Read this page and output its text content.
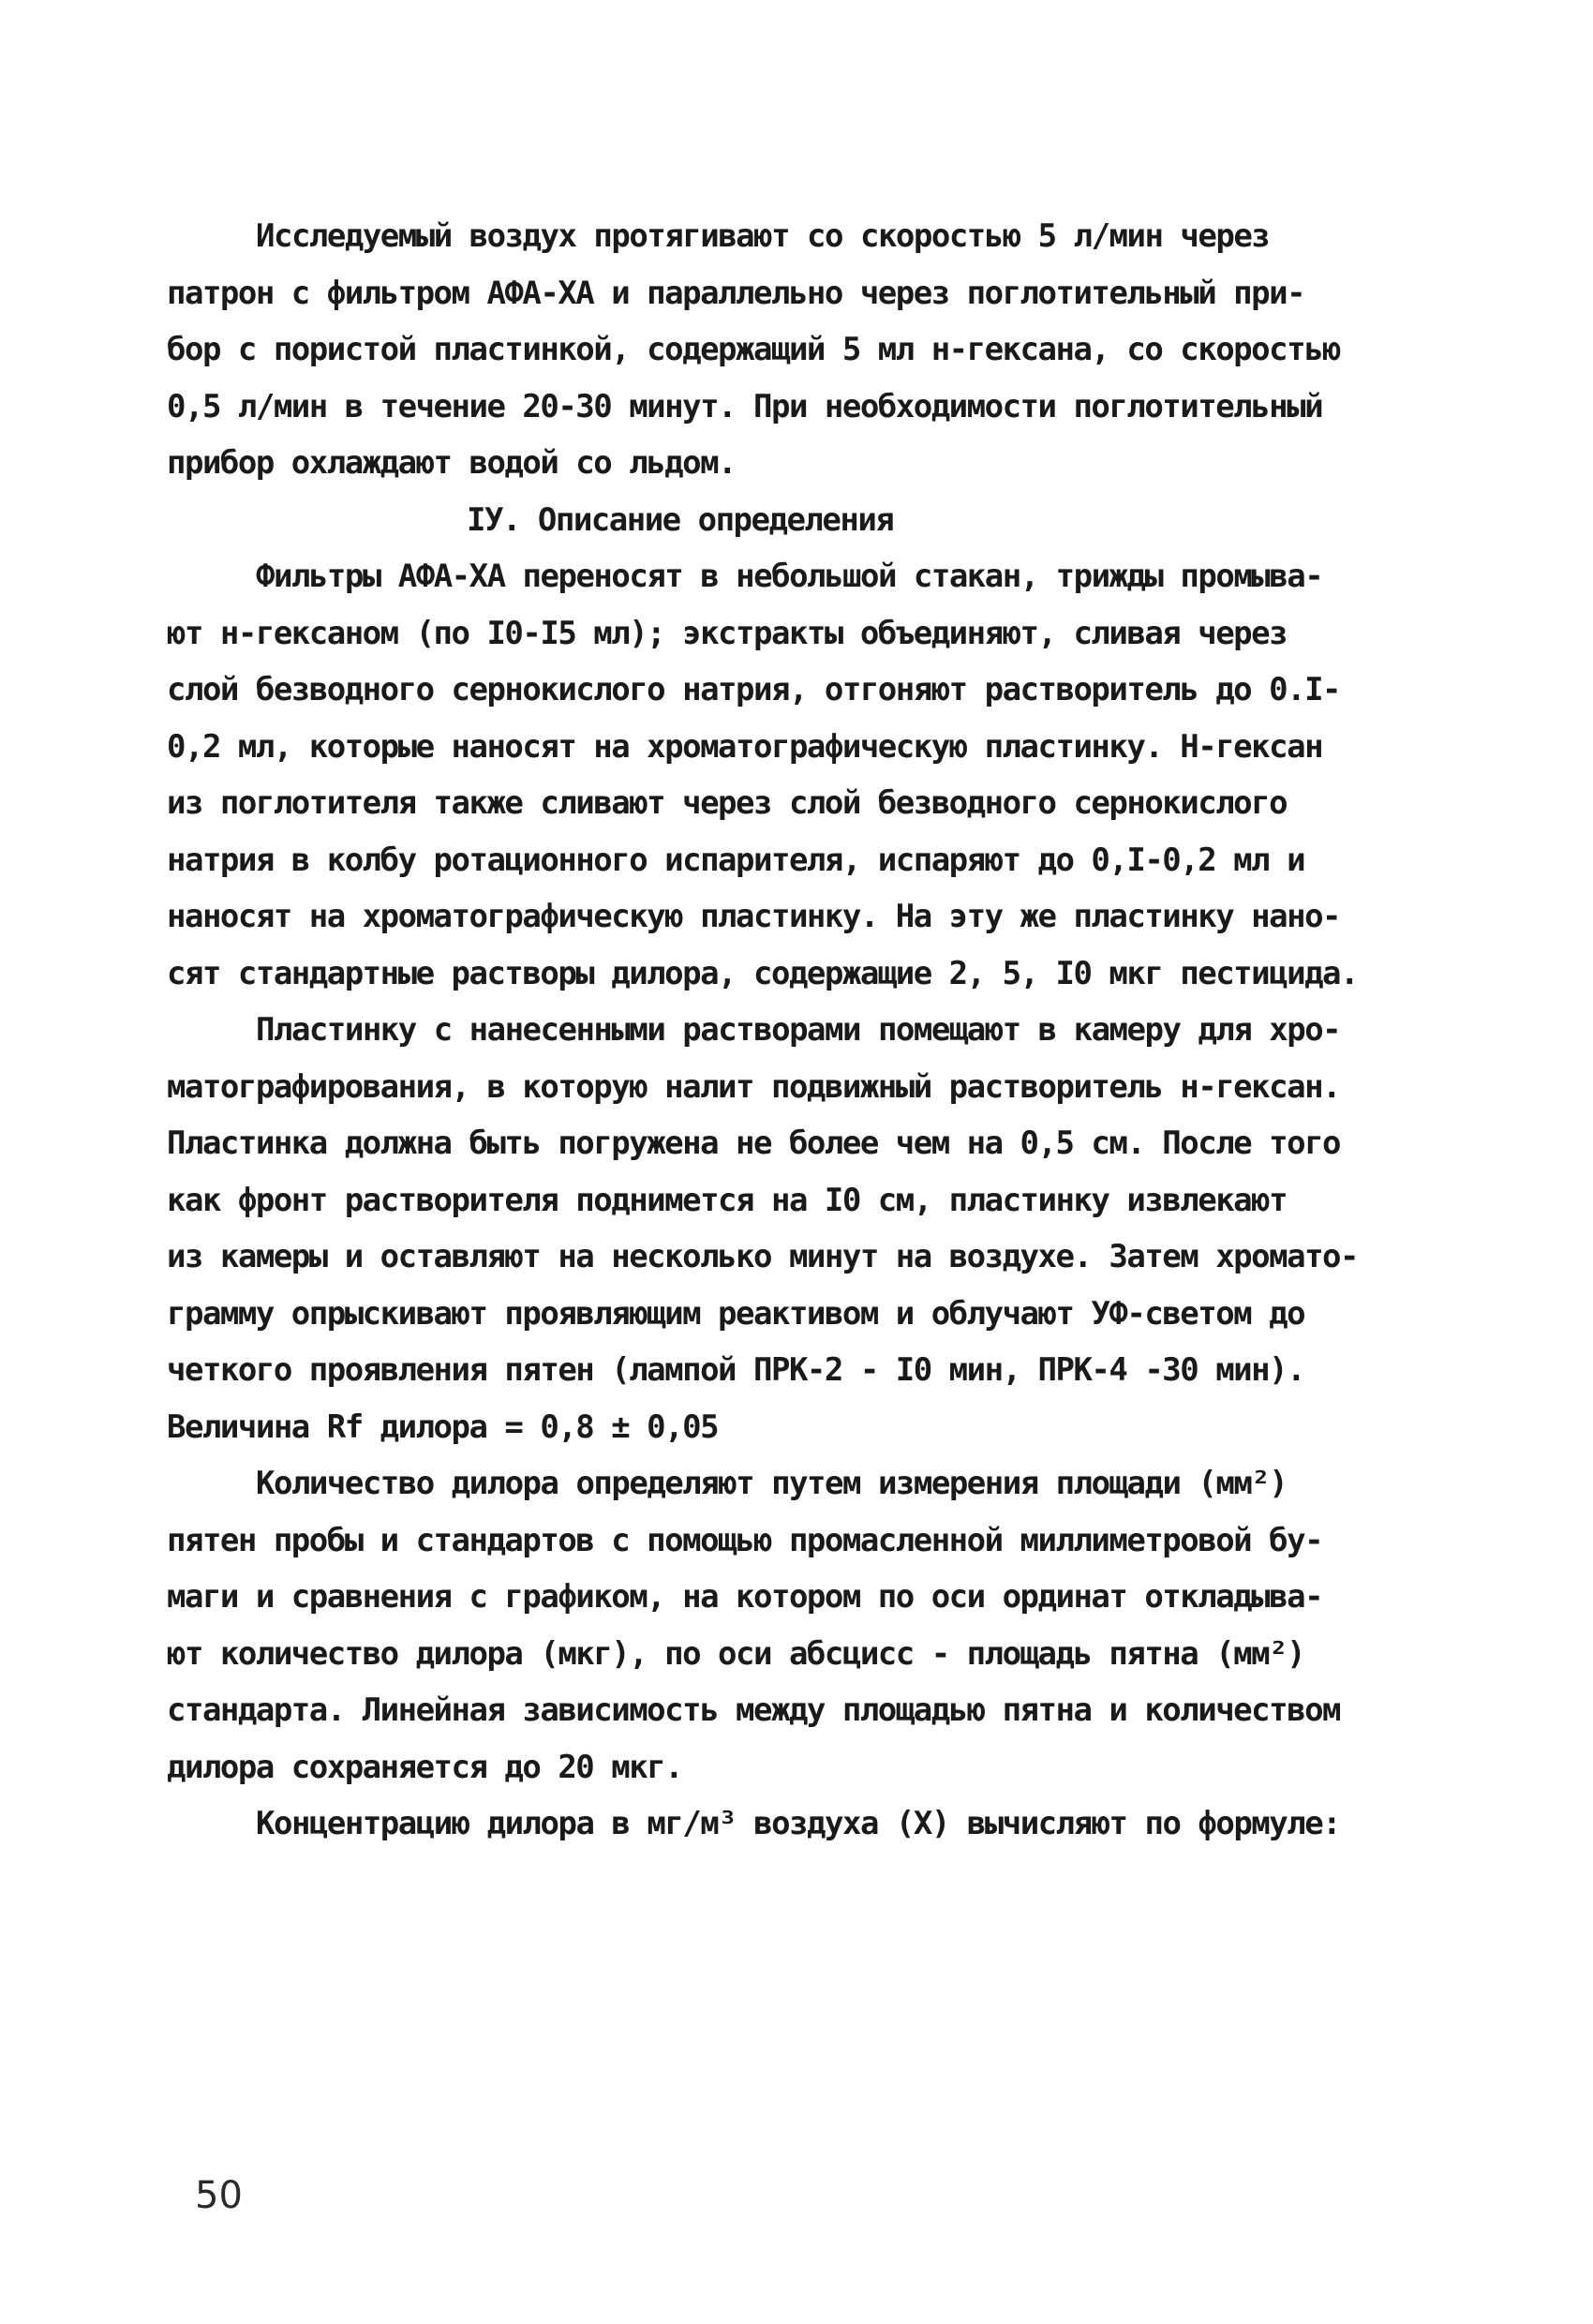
Исследуемый воздух протягивают со скоростью 5 л/мин через
патрон с фильтром АФА-ХА и параллельно через поглотительный при-
бор с пористой пластинкой, содержащий 5 мл н-гексана, со скоростью
0,5 л/мин в течение 20-30 минут. При необходимости поглотительный
прибор охлаждают водой со льдом.
IУ. Описание определения
Фильтры АФА-ХА переносят в небольшой стакан, трижды промыва-
ют н-гексаном (по I0-I5 мл); экстракты объединяют, сливая через
слой безводного сернокислого натрия, отгоняют растворитель до 0.I-
0,2 мл, которые наносят на хроматографическую пластинку. Н-гексан
из поглотителя также сливают через слой безводного сернокислого
натрия в колбу ротационного испарителя, испаряют до 0,I-0,2 мл и
наносят на хроматографическую пластинку. На эту же пластинку нано-
сят стандартные растворы дилора, содержащие 2, 5, I0 мкг пестицида.
Пластинку с нанесенными растворами помещают в камеру для хро-
матографирования, в которую налит подвижный растворитель н-гексан.
Пластинка должна быть погружена не более чем на 0,5 см. После того
как фронт растворителя поднимется на I0 см, пластинку извлекают
из камеры и оставляют на несколько минут на воздухе. Затем хромато-
грамму опрыскивают проявляющим реактивом и облучают УФ-светом до
четкого проявления пятен (лампой ПРК-2 - I0 мин, ПРК-4 -30 мин).
Величина Rf дилора = 0,8 ± 0,05
Количество дилора определяют путем измерения площади (мм²)
пятен пробы и стандартов с помощью промасленной миллиметровой бу-
маги и сравнения с графиком, на котором по оси ординат откладыва-
ют количество дилора (мкг), по оси абсцисс - площадь пятна (мм²)
стандарта. Линейная зависимость между площадью пятна и количеством
дилора сохраняется до 20 мкг.
Концентрацию дилора в мг/м³ воздуха (X) вычисляют по формуле:
50
